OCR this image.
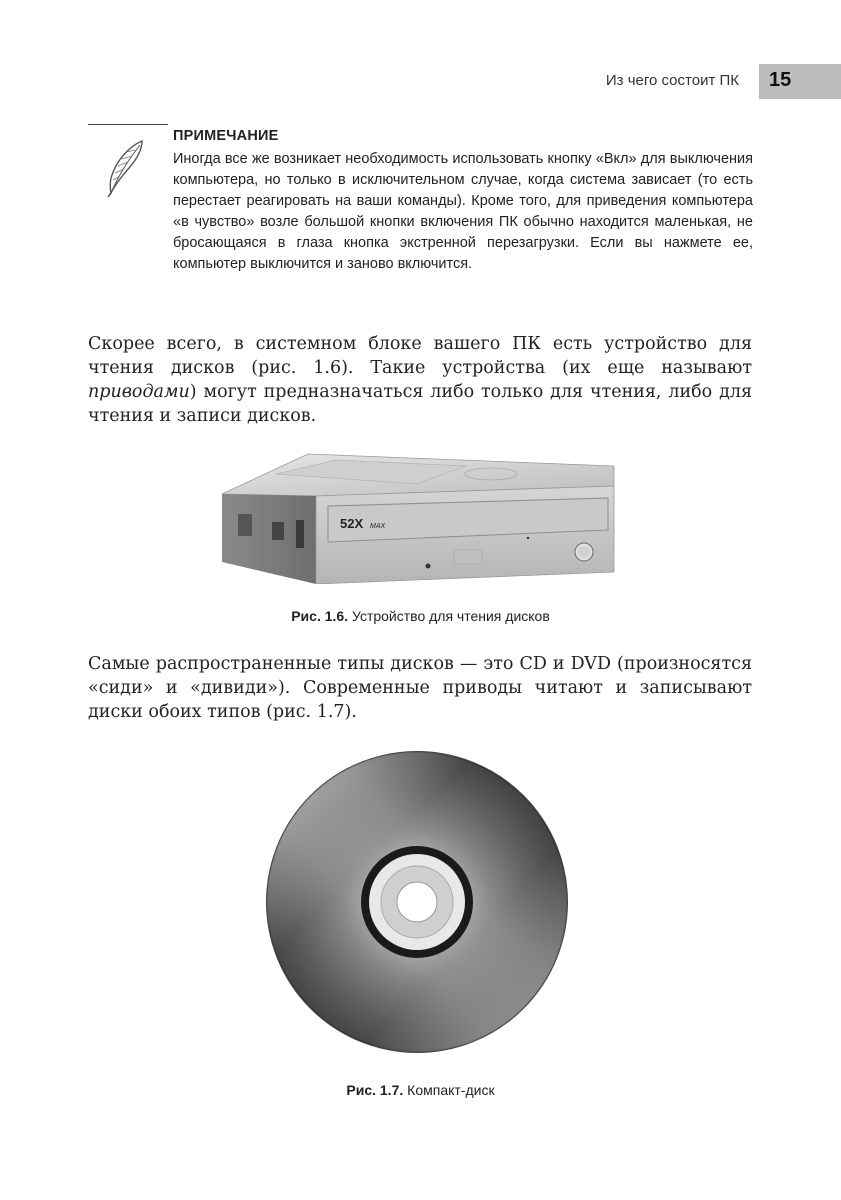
Из чего состоит ПК 15
ПРИМЕЧАНИЕ
Иногда все же возникает необходимость использовать кнопку «Вкл» для выключения компьютера, но только в исключительном случае, когда система зависает (то есть перестает реагировать на ваши команды). Кроме того, для приведения компьютера «в чувство» возле большой кнопки включения ПК обычно находится маленькая, не бросающаяся в глаза кнопка экстренной перезагрузки. Если вы нажмете ее, компьютер выключится и заново включится.
Скорее всего, в системном блоке вашего ПК есть устройство для чтения дисков (рис. 1.6). Такие устройства (их еще называют приводами) могут предназначаться либо только для чтения, либо для чтения и записи дисков.
52X MAX
Рис. 1.6. Устройство для чтения дисков
Самые распространенные типы дисков — это CD и DVD (произносятся «сиди» и «дивиди»). Современные приводы читают и записывают диски обоих типов (рис. 1.7).
Рис. 1.7. Компакт-диск
